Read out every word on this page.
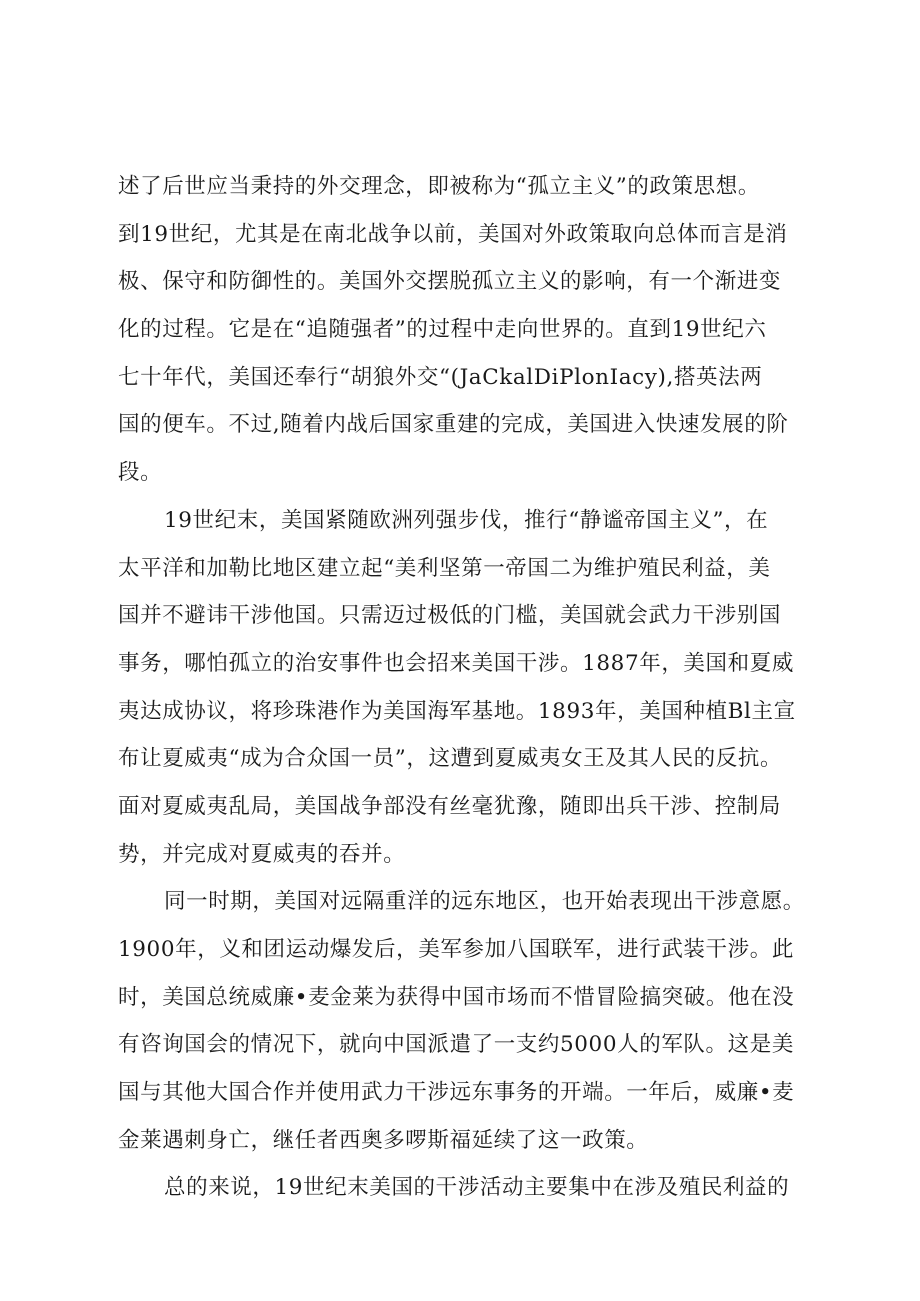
述了后世应当秉持的外交理念，即被称为“孤立主义”的政策思想。
到19世纪，尤其是在南北战争以前，美国对外政策取向总体而言是消
极、保守和防御性的。美国外交摆脱孤立主义的影响，有一个渐进变
化的过程。它是在“追随强者”的过程中走向世界的。直到19世纪六
七十年代，美国还奉行“胡狼外交“(JaCkalDiPlonIacy),搭英法两
国的便车。不过,随着内战后国家重建的完成，美国进入快速发展的阶
段。
19世纪末，美国紧随欧洲列强步伐，推行“静谧帝国主义”，在
太平洋和加勒比地区建立起“美利坚第一帝国二为维护殖民利益，美
国并不避讳干涉他国。只需迈过极低的门槛，美国就会武力干涉别国
事务，哪怕孤立的治安事件也会招来美国干涉。1887年，美国和夏威
夷达成协议，将珍珠港作为美国海军基地。1893年，美国种植Bl主宣
布让夏威夷“成为合众国一员”，这遭到夏威夷女王及其人民的反抗。
面对夏威夷乱局，美国战争部没有丝毫犹豫，随即出兵干涉、控制局
势，并完成对夏威夷的吞并。
同一时期，美国对远隔重洋的远东地区，也开始表现出干涉意愿。
1900年，义和团运动爆发后，美军参加八国联军，进行武装干涉。此
时，美国总统威廉•麦金莱为获得中国市场而不惜冒险搞突破。他在没
有咨询国会的情况下，就向中国派遣了一支约5000人的军队。这是美
国与其他大国合作并使用武力干涉远东事务的开端。一年后，威廉•麦
金莱遇刺身亡，继任者西奥多啰斯福延续了这一政策。
总的来说，19世纪末美国的干涉活动主要集中在涉及殖民利益的
